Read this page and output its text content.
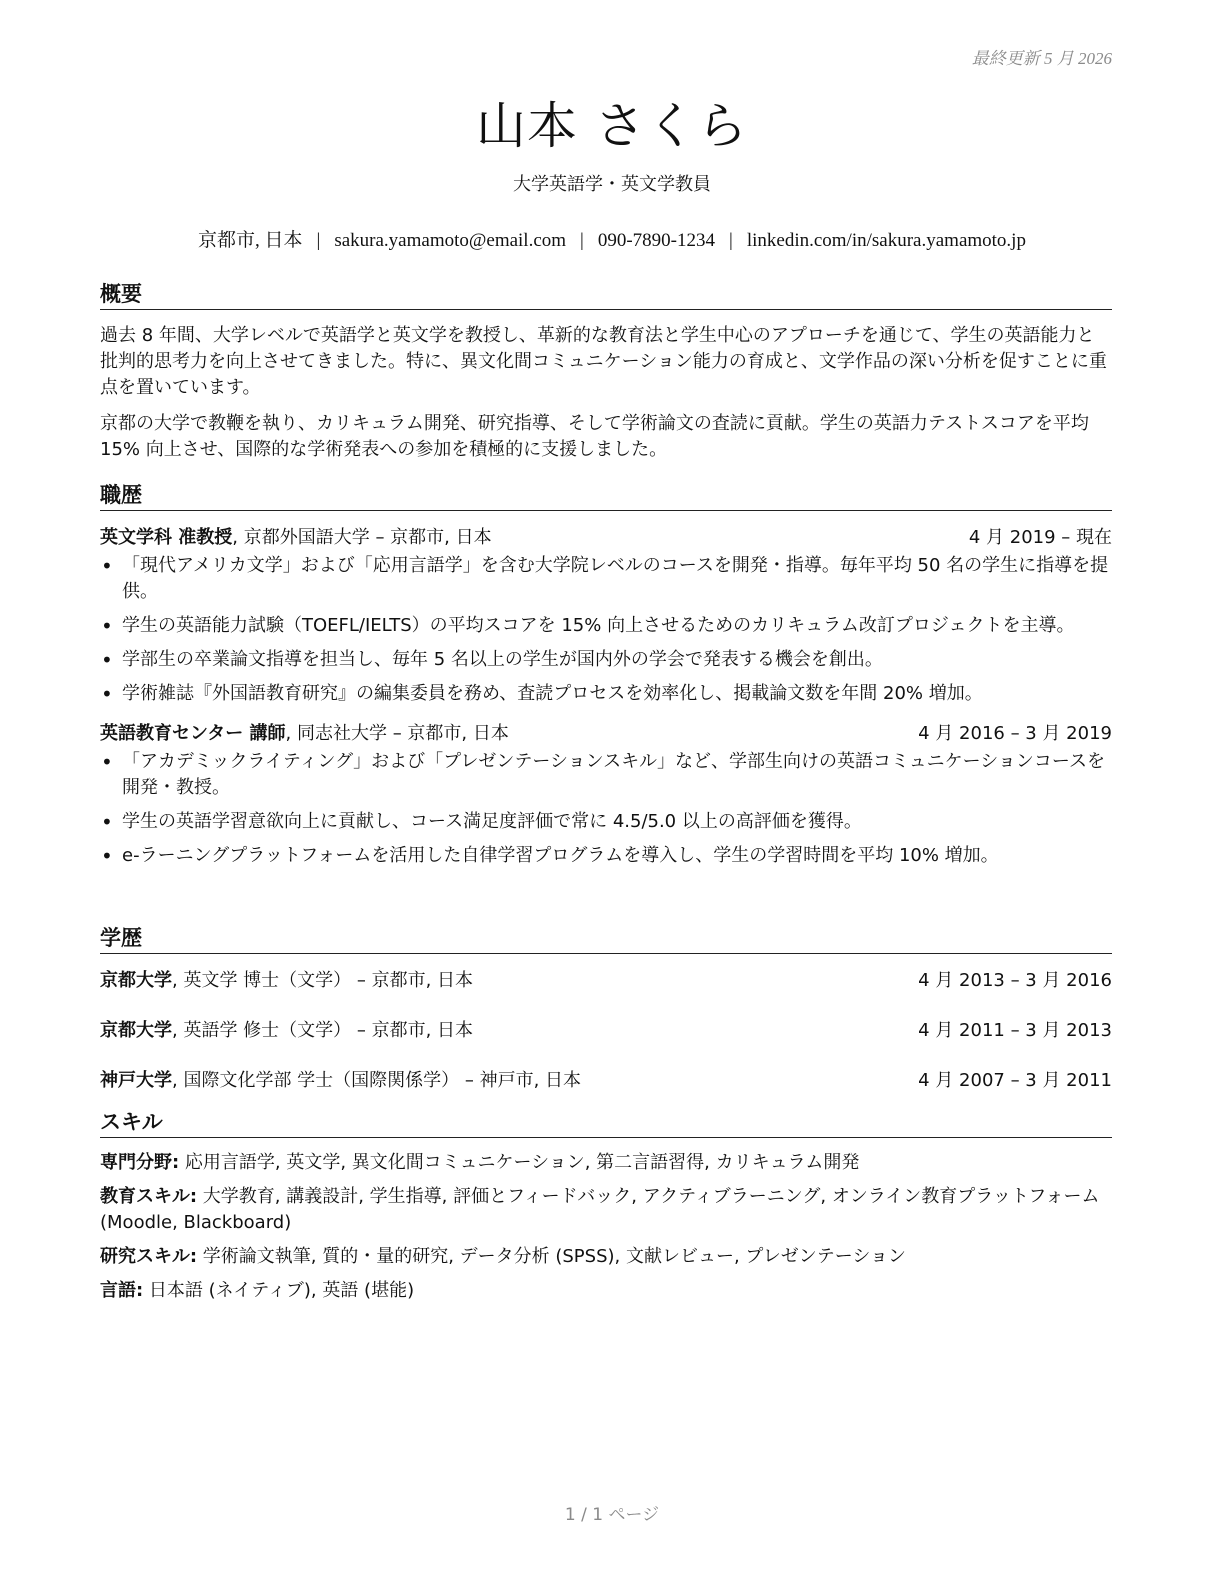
最終更新 5 月 2026
山本 さくら
大学英語学・英文学教員
京都市, 日本 | sakura.yamamoto@email.com | 090-7890-1234 | linkedin.com/in/sakura.yamamoto.jp
概要

過去 8 年間、大学レベルで英語学と英文学を教授し、革新的な教育法と学生中心のアプローチを通じて、学生の英語能力と批判的思考力を向上させてきました。特に、異文化間コミュニケーション能力の育成と、文学作品の深い分析を促すことに重点を置いています。

京都の大学で教鞭を執り、カリキュラム開発、研究指導、そして学術論文の査読に貢献。学生の英語力テストスコアを平均 15% 向上させ、国際的な学術発表への参加を積極的に支援しました。

職歴
英文学科 准教授, 京都外国語大学 – 京都市, 日本	4 月 2019 – 現在
• 「現代アメリカ文学」および「応用言語学」を含む大学院レベルのコースを開発・指導。毎年平均 50 名の学生に指導を提供。
• 学生の英語能力試験（TOEFL/IELTS）の平均スコアを 15% 向上させるためのカリキュラム改訂プロジェクトを主導。
• 学部生の卒業論文指導を担当し、毎年 5 名以上の学生が国内外の学会で発表する機会を創出。
• 学術雑誌『外国語教育研究』の編集委員を務め、査読プロセスを効率化し、掲載論文数を年間 20% 増加。
英語教育センター 講師, 同志社大学 – 京都市, 日本	4 月 2016 – 3 月 2019
• 「アカデミックライティング」および「プレゼンテーションスキル」など、学部生向けの英語コミュニケーションコースを開発・教授。
• 学生の英語学習意欲向上に貢献し、コース満足度評価で常に 4.5/5.0 以上の高評価を獲得。
• e-ラーニングプラットフォームを活用した自律学習プログラムを導入し、学生の学習時間を平均 10% 増加。
学歴
京都大学, 英文学 博士（文学） – 京都市, 日本	4 月 2013 – 3 月 2016
京都大学, 英語学 修士（文学） – 京都市, 日本	4 月 2011 – 3 月 2013
神戸大学, 国際文化学部 学士（国際関係学） – 神戸市, 日本	4 月 2007 – 3 月 2011
スキル
専門分野: 応用言語学, 英文学, 異文化間コミュニケーション, 第二言語習得, カリキュラム開発
教育スキル: 大学教育, 講義設計, 学生指導, 評価とフィードバック, アクティブラーニング, オンライン教育プラットフォーム (Moodle, Blackboard)
研究スキル: 学術論文執筆, 質的・量的研究, データ分析 (SPSS), 文献レビュー, プレゼンテーション
言語: 日本語 (ネイティブ), 英語 (堪能)
1 / 1 ページ
